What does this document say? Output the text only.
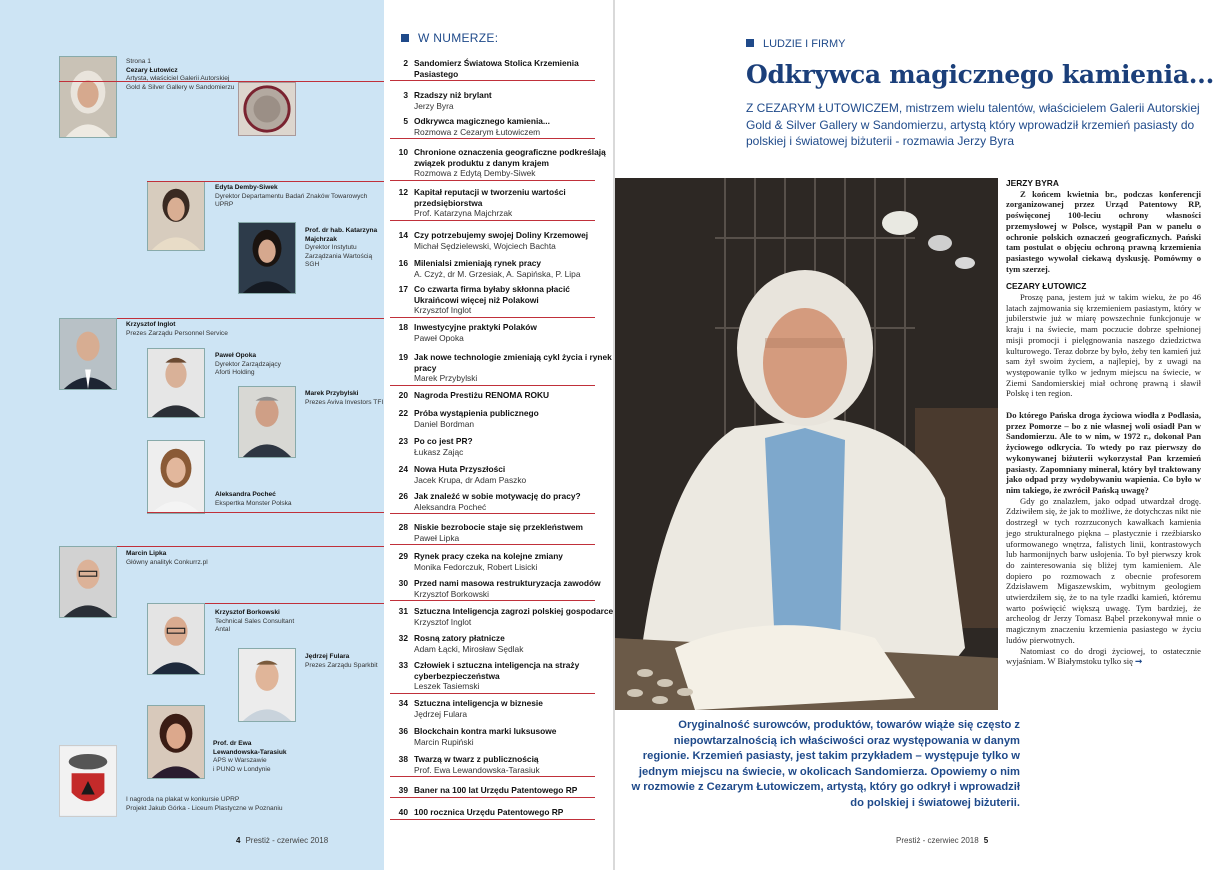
Strona 1
Cezary Łutowicz
Artysta, właściciel Galerii Autorskiej
Gold & Silver Gallery w Sandomierzu
Edyta Demby-Siwek
Dyrektor Departamentu Badań Znaków Towarowych
UPRP
Prof. dr hab. Katarzyna Majchrzak
Dyrektor Instytutu
Zarządzania Wartością
SGH
Krzysztof Inglot
Prezes Zarządu Personnel Service
Paweł Opoka
Dyrektor Zarządzający
Aforti Holding
Marek Przybylski
Prezes Aviva Investors TFI
Aleksandra Pocheć
Ekspertka Monster Polska
Marcin Lipka
Główny analityk Conkurrz.pl
Krzysztof Borkowski
Technical Sales Consultant
Antal
Jędrzej Fulara
Prezes Zarządu Sparkbit
Prof. dr Ewa Lewandowska-Tarasiuk
APS w Warszawie
i PUNO w Londynie
I nagroda na plakat w konkursie UPRP
Projekt Jakub Górka - Liceum Plastyczne w Poznaniu
4 Prestiż - czerwiec 2018
W NUMERZE:
2 Sandomierz Światowa Stolica Krzemienia Pasiastego
3 Rzadszy niż brylant
Jerzy Byra
5 Odkrywca magicznego kamienia...
Rozmowa z Cezarym Łutowiczem
10 Chronione oznaczenia geograficzne podkreślają związek produktu z danym krajem
Rozmowa z Edytą Demby-Siwek
12 Kapitał reputacji w tworzeniu wartości przedsiębiorstwa
Prof. Katarzyna Majchrzak
14 Czy potrzebujemy swojej Doliny Krzemowej
Michał Sędzielewski, Wojciech Bachta
16 Milenialsi zmieniają rynek pracy
A. Czyż, dr M. Grzesiak, A. Sapińska, P. Lipa
17 Co czwarta firma byłaby skłonna płacić Ukraińcowi więcej niż Polakowi
Krzysztof Inglot
18 Inwestycyjne praktyki Polaków
Paweł Opoka
19 Jak nowe technologie zmieniają cykl życia i rynek pracy
Marek Przybylski
20 Nagroda Prestiżu RENOMA ROKU
22 Próba wystąpienia publicznego
Daniel Bordman
23 Po co jest PR?
Łukasz Zając
24 Nowa Huta Przyszłości
Jacek Krupa, dr Adam Paszko
26 Jak znaleźć w sobie motywację do pracy?
Aleksandra Pocheć
28 Niskie bezrobocie staje się przekleństwem
Paweł Lipka
29 Rynek pracy czeka na kolejne zmiany
Monika Fedorczuk, Robert Lisicki
30 Przed nami masowa restrukturyzacja zawodów
Krzysztof Borkowski
31 Sztuczna Inteligencja zagrozi polskiej gospodarce
Krzysztof Inglot
32 Rosną zatory płatnicze
Adam Łącki, Mirosław Sędlak
33 Człowiek i sztuczna inteligencja na straży cyberbezpieczeństwa
Leszek Tasiemski
34 Sztuczna inteligencja w biznesie
Jędrzej Fulara
36 Blockchain kontra marki luksusowe
Marcin Rupiński
38 Twarzą w twarz z publicznością
Prof. Ewa Lewandowska-Tarasiuk
39 Baner na 100 lat Urzędu Patentowego RP
40 100 rocznica Urzędu Patentowego RP
LUDZIE I FIRMY
Odkrywca magicznego kamienia...
Z CEZARYM ŁUTOWICZEM, mistrzem wielu talentów, właścicielem Galerii Autorskiej Gold & Silver Gallery w Sandomierzu, artystą który wprowadził krzemień pasiasty do polskiej i światowej biżuterii - rozmawia Jerzy Byra
Oryginalność surowców, produktów, towarów wiąże się często z niepowtarzalnością ich właściwości oraz występowania w danym regionie. Krzemień pasiasty, jest takim przykładem – występuje tylko w jednym miejscu na świecie, w okolicach Sandomierza. Opowiemy o nim w rozmowie z Cezarym Łutowiczem, artystą, który go odkrył i wprowadził do polskiej i światowej biżuterii.
JERZY BYRA

Z końcem kwietnia br., podczas konferencji zorganizowanej przez Urząd Patentowy RP, poświęconej 100-leciu ochrony własności przemysłowej w Polsce, wystąpił Pan w panelu o ochronie polskich oznaczeń geograficznych. Pański tam postulat o objęciu ochroną prawną krzemienia pasiastego wywołał ciekawą dyskusję. Pomówmy o tym szerzej.

CEZARY ŁUTOWICZ

Proszę pana, jestem już w takim wieku, że po 46 latach zajmowania się krzemieniem pasiastym, który w jubilerstwie już w miarę powszechnie funkcjonuje w kraju i na świecie, mam poczucie dobrze spełnionej misji promocji i pielęgnowania naszego dziedzictwa kulturowego. Teraz dobrze by było, żeby ten kamień już sam żył swoim życiem, a najlepiej, by z uwagi na występowanie tylko w jednym miejscu na świecie, w Ziemi Sandomierskiej miał ochronę prawną i sławił Polskę i ten region.

Do którego Pańska droga życiowa wiodła z Podlasia, przez Pomorze – bo z nie własnej woli osiadł Pan w Sandomierzu. Ale to w nim, w 1972 r., dokonał Pan życiowego odkrycia. To wtedy po raz pierwszy do wykonywanej biżuterii wykorzystał Pan krzemień pasiasty. Zapomniany minerał, który był traktowany jako odpad przy wydobywaniu wapienia. Co było w nim takiego, że zwrócił Pańską uwagę?

Gdy go znalazłem, jako odpad utwardzał drogę. Zdziwiłem się, że jak to możliwe, że dotychczas nikt nie dostrzegł w tych rozrzuconych kawałkach kamienia jego strukturalnego piękna – plastycznie i rzeźbiarsko uformowanego wnętrza, falistych linii, kontrastowych lub harmonijnych barw usłojenia. To był pierwszy krok do zainteresowania się bliżej tym kamieniem. Ale dopiero po rozmowach z obecnie profesorem Zdzisławem Migaszewskim, wybitnym geologiem utwierdziłem się, że to na tyle rzadki kamień, któremu warto poświęcić większą uwagę. Tym bardziej, że archeolog dr Jerzy Tomasz Bąbel przekonywał mnie o magicznym znaczeniu krzemienia pasiastego w życiu ludów pierwotnych.

Natomiast co do drogi życiowej, to ostatecznie wyjaśniam. W Białymstoku tylko się ➞

Prestiż - czerwiec 2018 5
